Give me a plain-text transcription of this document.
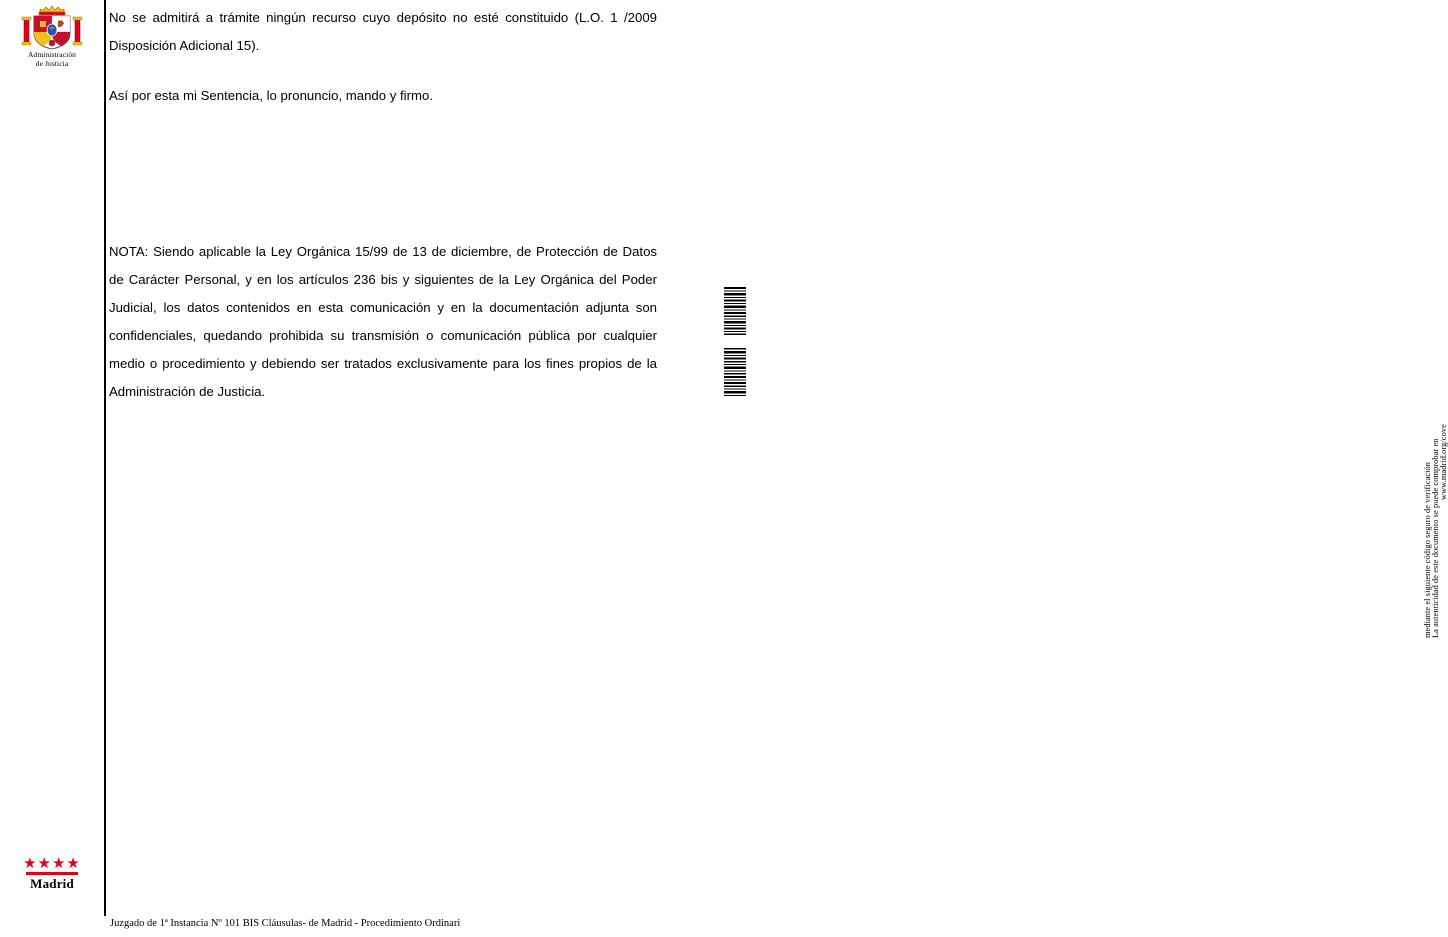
Administración
de Justicia
★★★★
Madrid

No se admitirá a trámite ningún recurso cuyo depósito no esté constituido (L.O. 1 /2009 Disposición Adicional 15).

Así por esta mi Sentencia, lo pronuncio, mando y firmo.

NOTA: Siendo aplicable la Ley Orgánica 15/99 de 13 de diciembre, de Protección de Datos de Carácter Personal, y en los artículos 236 bis y siguientes de la Ley Orgánica del Poder Judicial, los datos contenidos en esta comunicación y en la documentación adjunta son confidenciales, quedando prohibida su transmisión o comunicación pública por cualquier medio o procedimiento y debiendo ser tratados exclusivamente para los fines propios de la Administración de Justicia.

Juzgado de 1ª Instancia Nº 101 BIS Cláusulas- de Madrid - Procedimiento Ordinari
www.madrid.org/cove
La autenticidad de este documento se puede comprobar en
mediante el siguiente código seguro de verificación
